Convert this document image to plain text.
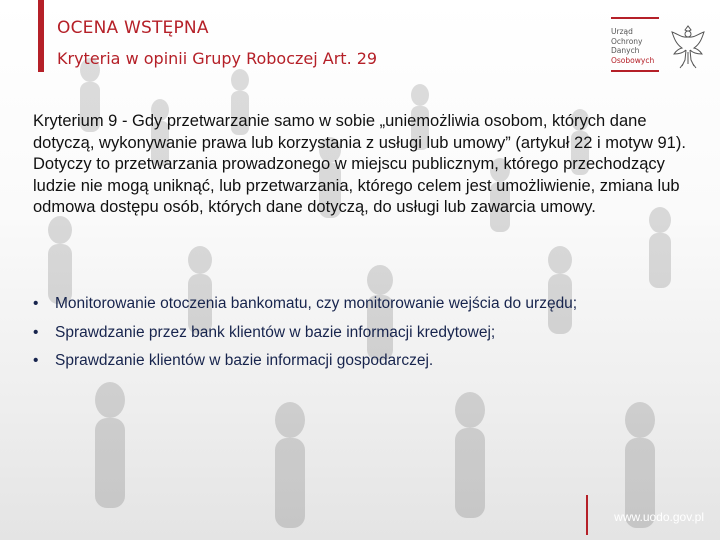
OCENA WSTĘPNA
Kryteria w opinii Grupy Roboczej Art. 29
Urząd
Ochrony
Danych
Osobowych
Kryterium 9 - Gdy przetwarzanie samo w sobie „uniemożliwia osobom, których dane dotyczą, wykonywanie prawa lub korzystania z usługi lub umowy” (artykuł 22 i motyw 91). Dotyczy to przetwarzania prowadzonego w miejscu publicznym, którego przechodzący ludzie nie mogą uniknąć, lub przetwarzania, którego celem jest umożliwienie, zmiana lub odmowa dostępu osób, których dane dotyczą, do usługi lub zawarcia umowy.
• Monitorowanie otoczenia bankomatu, czy monitorowanie wejścia do urzędu;
• Sprawdzanie przez bank klientów w bazie informacji kredytowej;
• Sprawdzanie klientów w bazie informacji gospodarczej.
www.uodo.gov.pl
